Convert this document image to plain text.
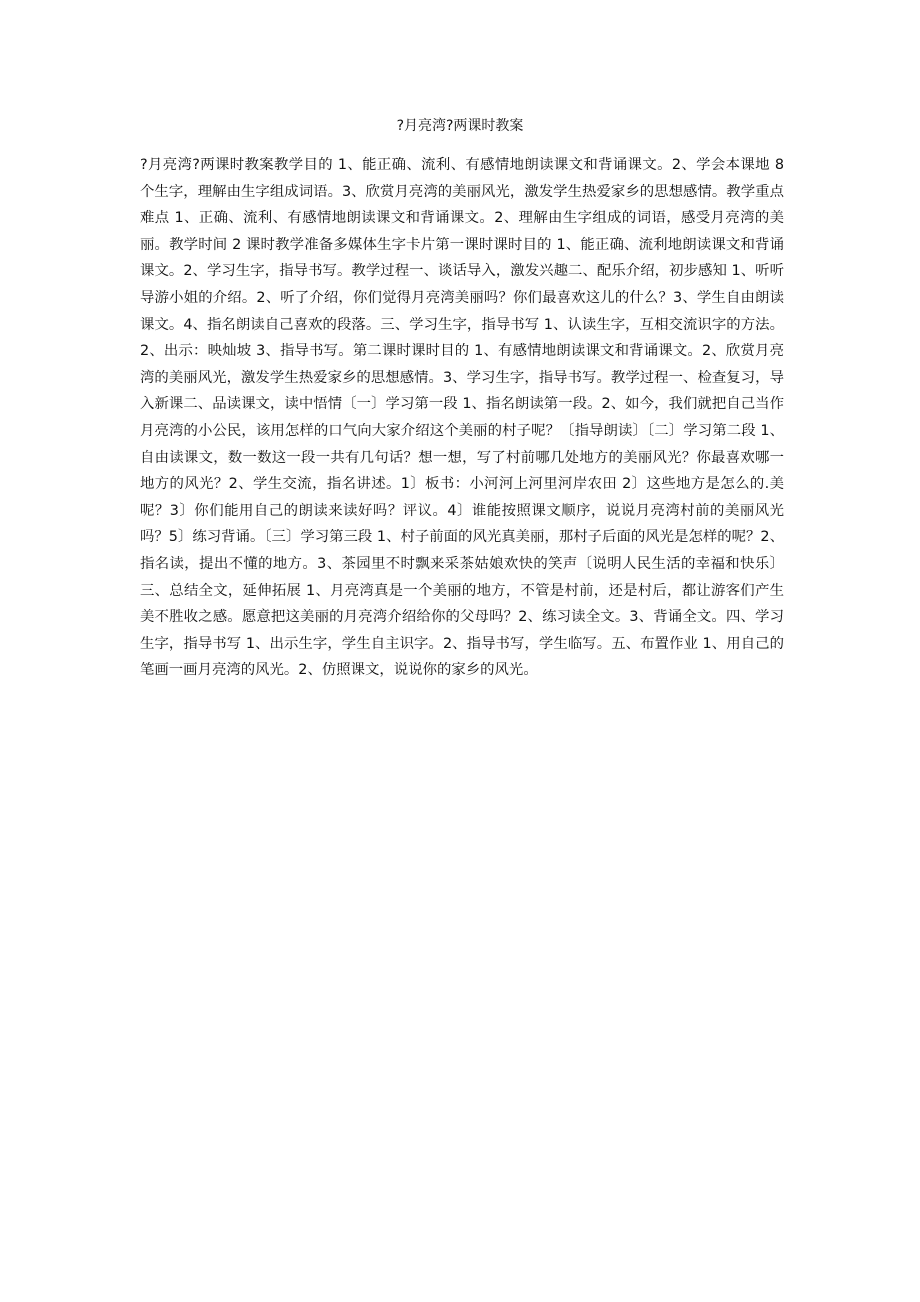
?月亮湾?两课时教案

?月亮湾?两课时教案教学目的 1、能正确、流利、有感情地朗读课文和背诵课文。2、学会本课地 8 个生字，理解由生字组成词语。3、欣赏月亮湾的美丽风光，激发学生热爱家乡的思想感情。教学重点难点 1、正确、流利、有感情地朗读课文和背诵课文。2、理解由生字组成的词语，感受月亮湾的美丽。教学时间 2 课时教学准备多媒体生字卡片第一课时课时目的 1、能正确、流利地朗读课文和背诵课文。2、学习生字，指导书写。教学过程一、谈话导入，激发兴趣二、配乐介绍，初步感知 1、听听导游小姐的介绍。2、听了介绍，你们觉得月亮湾美丽吗？你们最喜欢这儿的什么？3、学生自由朗读课文。4、指名朗读自己喜欢的段落。三、学习生字，指导书写 1、认读生字，互相交流识字的方法。2、出示：映灿坡 3、指导书写。第二课时课时目的 1、有感情地朗读课文和背诵课文。2、欣赏月亮湾的美丽风光，激发学生热爱家乡的思想感情。3、学习生字，指导书写。教学过程一、检查复习，导入新课二、品读课文，读中悟情〔一〕学习第一段 1、指名朗读第一段。2、如今，我们就把自己当作月亮湾的小公民，该用怎样的口气向大家介绍这个美丽的村子呢？〔指导朗读〕〔二〕学习第二段 1、自由读课文，数一数这一段一共有几句话？想一想，写了村前哪几处地方的美丽风光？你最喜欢哪一地方的风光？2、学生交流，指名讲述。1〕板书：小河河上河里河岸农田 2〕这些地方是怎么的.美呢？3〕你们能用自己的朗读来读好吗？评议。4〕谁能按照课文顺序，说说月亮湾村前的美丽风光吗？5〕练习背诵。〔三〕学习第三段 1、村子前面的风光真美丽，那村子后面的风光是怎样的呢？2、指名读，提出不懂的地方。3、茶园里不时飘来采茶姑娘欢快的笑声〔说明人民生活的幸福和快乐〕三、总结全文，延伸拓展 1、月亮湾真是一个美丽的地方，不管是村前，还是村后，都让游客们产生美不胜收之感。愿意把这美丽的月亮湾介绍给你的父母吗？2、练习读全文。3、背诵全文。四、学习生字，指导书写 1、出示生字，学生自主识字。2、指导书写，学生临写。五、布置作业 1、用自己的笔画一画月亮湾的风光。2、仿照课文，说说你的家乡的风光。
